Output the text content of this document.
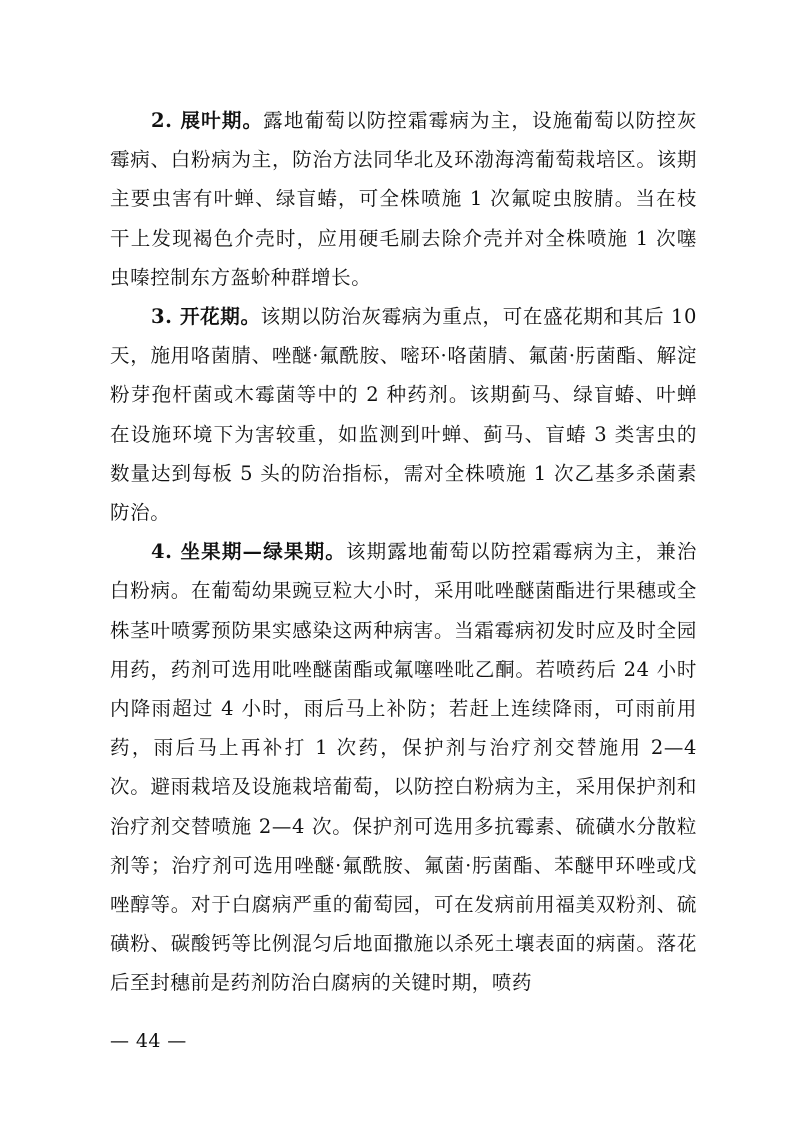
2. 展叶期。露地葡萄以防控霜霉病为主，设施葡萄以防控灰霉病、白粉病为主，防治方法同华北及环渤海湾葡萄栽培区。该期主要虫害有叶蝉、绿盲蝽，可全株喷施 1 次氟啶虫胺腈。当在枝干上发现褐色介壳时，应用硬毛刷去除介壳并对全株喷施 1 次噻虫嗪控制东方盔蚧种群增长。

3. 开花期。该期以防治灰霉病为重点，可在盛花期和其后 10 天，施用咯菌腈、唑醚·氟酰胺、嘧环·咯菌腈、氟菌·肟菌酯、解淀粉芽孢杆菌或木霉菌等中的 2 种药剂。该期蓟马、绿盲蝽、叶蝉在设施环境下为害较重，如监测到叶蝉、蓟马、盲蝽 3 类害虫的数量达到每板 5 头的防治指标，需对全株喷施 1 次乙基多杀菌素防治。

4. 坐果期—绿果期。该期露地葡萄以防控霜霉病为主，兼治白粉病。在葡萄幼果豌豆粒大小时，采用吡唑醚菌酯进行果穗或全株茎叶喷雾预防果实感染这两种病害。当霜霉病初发时应及时全园用药，药剂可选用吡唑醚菌酯或氟噻唑吡乙酮。若喷药后 24 小时内降雨超过 4 小时，雨后马上补防；若赶上连续降雨，可雨前用药，雨后马上再补打 1 次药，保护剂与治疗剂交替施用 2—4 次。避雨栽培及设施栽培葡萄，以防控白粉病为主，采用保护剂和治疗剂交替喷施 2—4 次。保护剂可选用多抗霉素、硫磺水分散粒剂等；治疗剂可选用唑醚·氟酰胺、氟菌·肟菌酯、苯醚甲环唑或戊唑醇等。对于白腐病严重的葡萄园，可在发病前用福美双粉剂、硫磺粉、碳酸钙等比例混匀后地面撒施以杀死土壤表面的病菌。落花后至封穗前是药剂防治白腐病的关键时期，喷药

— 44 —
